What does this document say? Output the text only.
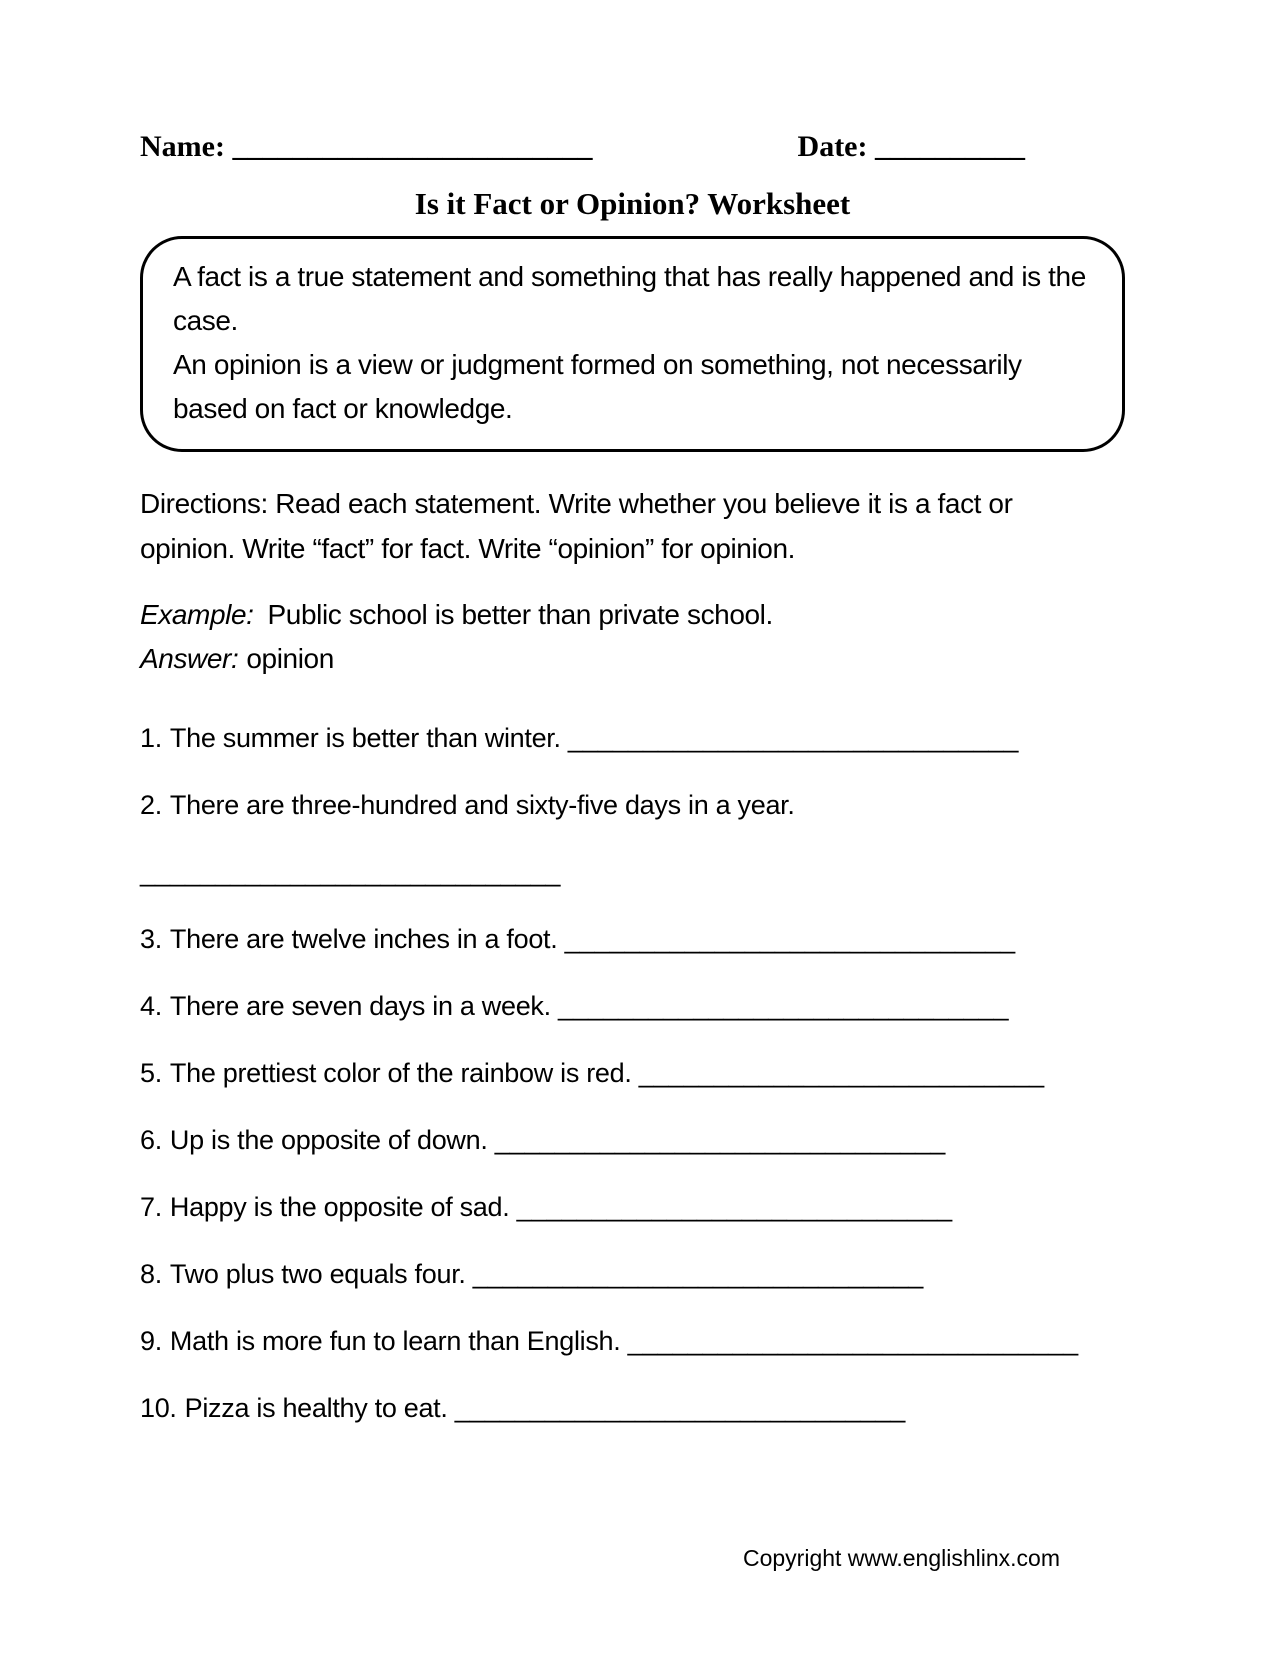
Name: ________________________	Date: __________
Is it Fact or Opinion? Worksheet
A fact is a true statement and something that has really happened and is the case.
An opinion is a view or judgment formed on something, not necessarily based on fact or knowledge.
Directions: Read each statement. Write whether you believe it is a fact or opinion. Write “fact” for fact. Write “opinion” for opinion.
Example: Public school is better than private school.
Answer: opinion
1. The summer is better than winter. ______________________________
2. There are three-hundred and sixty-five days in a year.
____________________________
3. There are twelve inches in a foot. ______________________________
4. There are seven days in a week. ______________________________
5. The prettiest color of the rainbow is red. ___________________________
6. Up is the opposite of down. ______________________________
7. Happy is the opposite of sad. _____________________________
8. Two plus two equals four. ______________________________
9. Math is more fun to learn than English. ______________________________
10. Pizza is healthy to eat. ______________________________
Copyright www.englishlinx.com
